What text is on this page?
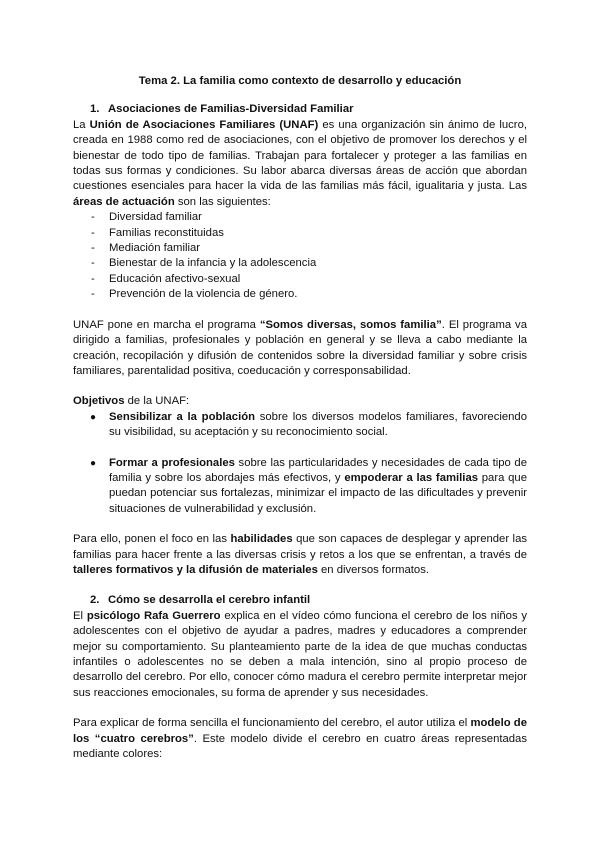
Tema 2. La familia como contexto de desarrollo y educación

1. Asociaciones de Familias-Diversidad Familiar

La Unión de Asociaciones Familiares (UNAF) es una organización sin ánimo de lucro, creada en 1988 como red de asociaciones, con el objetivo de promover los derechos y el bienestar de todo tipo de familias. Trabajan para fortalecer y proteger a las familias en todas sus formas y condiciones. Su labor abarca diversas áreas de acción que abordan cuestiones esenciales para hacer la vida de las familias más fácil, igualitaria y justa. Las áreas de actuación son las siguientes:

- Diversidad familiar
- Familias reconstituidas
- Mediación familiar
- Bienestar de la infancia y la adolescencia
- Educación afectivo-sexual
- Prevención de la violencia de género.

UNAF pone en marcha el programa “Somos diversas, somos familia”. El programa va dirigido a familias, profesionales y población en general y se lleva a cabo mediante la creación, recopilación y difusión de contenidos sobre la diversidad familiar y sobre crisis familiares, parentalidad positiva, coeducación y corresponsabilidad.

Objetivos de la UNAF:

● Sensibilizar a la población sobre los diversos modelos familiares, favoreciendo su visibilidad, su aceptación y su reconocimiento social.
● Formar a profesionales sobre las particularidades y necesidades de cada tipo de familia y sobre los abordajes más efectivos, y empoderar a las familias para que puedan potenciar sus fortalezas, minimizar el impacto de las dificultades y prevenir situaciones de vulnerabilidad y exclusión.

Para ello, ponen el foco en las habilidades que son capaces de desplegar y aprender las familias para hacer frente a las diversas crisis y retos a los que se enfrentan, a través de talleres formativos y la difusión de materiales en diversos formatos.

2. Cómo se desarrolla el cerebro infantil

El psicólogo Rafa Guerrero explica en el vídeo cómo funciona el cerebro de los niños y adolescentes con el objetivo de ayudar a padres, madres y educadores a comprender mejor su comportamiento. Su planteamiento parte de la idea de que muchas conductas infantiles o adolescentes no se deben a mala intención, sino al propio proceso de desarrollo del cerebro. Por ello, conocer cómo madura el cerebro permite interpretar mejor sus reacciones emocionales, su forma de aprender y sus necesidades.

Para explicar de forma sencilla el funcionamiento del cerebro, el autor utiliza el modelo de los “cuatro cerebros”. Este modelo divide el cerebro en cuatro áreas representadas mediante colores:
